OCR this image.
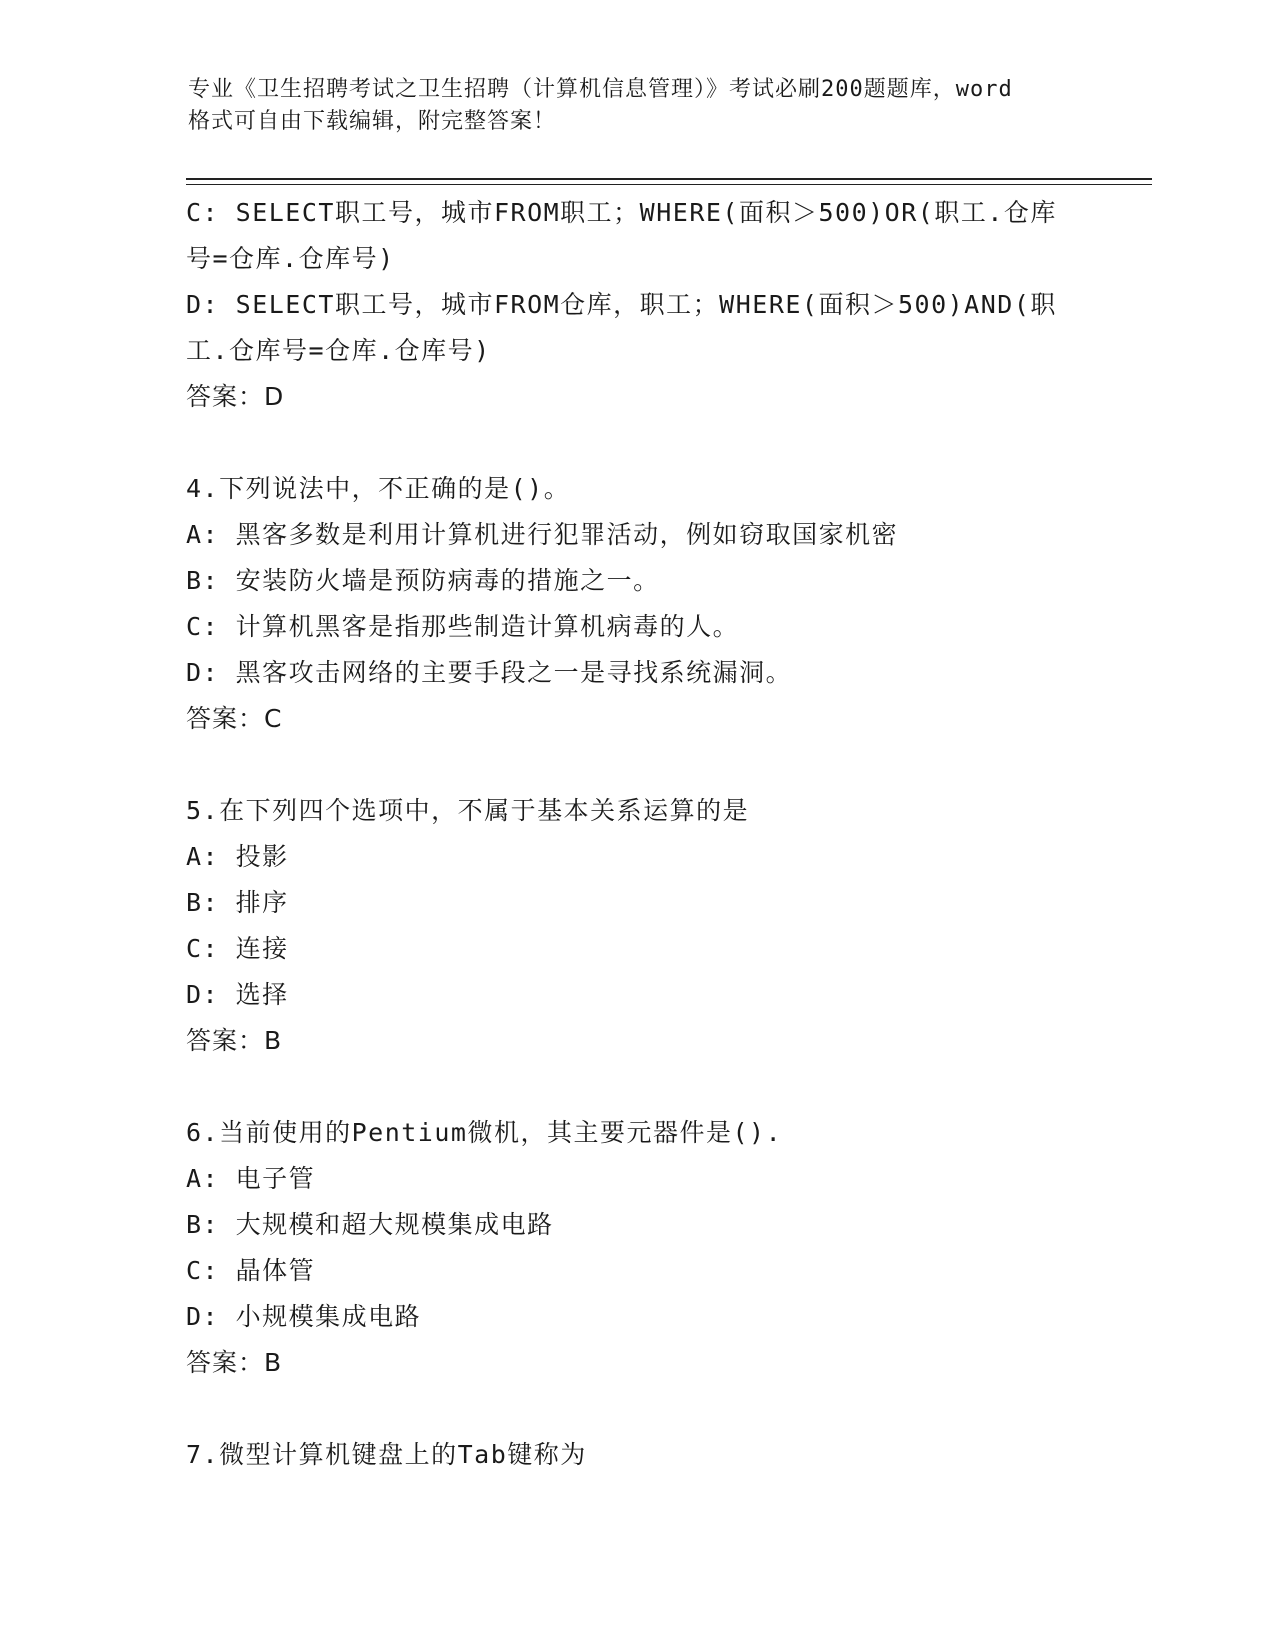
专业《卫生招聘考试之卫生招聘（计算机信息管理）》考试必刷200题题库，word
格式可自由下载编辑，附完整答案！
C: SELECT职工号，城市FROM职工；WHERE(面积＞500)OR(职工.仓库
号=仓库.仓库号)
D: SELECT职工号，城市FROM仓库，职工；WHERE(面积＞500)AND(职
工.仓库号=仓库.仓库号)
答案：D
4.下列说法中，不正确的是()。
A: 黑客多数是利用计算机进行犯罪活动，例如窃取国家机密
B: 安装防火墙是预防病毒的措施之一。
C: 计算机黑客是指那些制造计算机病毒的人。
D: 黑客攻击网络的主要手段之一是寻找系统漏洞。
答案：C
5.在下列四个选项中，不属于基本关系运算的是
A: 投影
B: 排序
C: 连接
D: 选择
答案：B
6.当前使用的Pentium微机，其主要元器件是().
A: 电子管
B: 大规模和超大规模集成电路
C: 晶体管
D: 小规模集成电路
答案：B
7.微型计算机键盘上的Tab键称为
